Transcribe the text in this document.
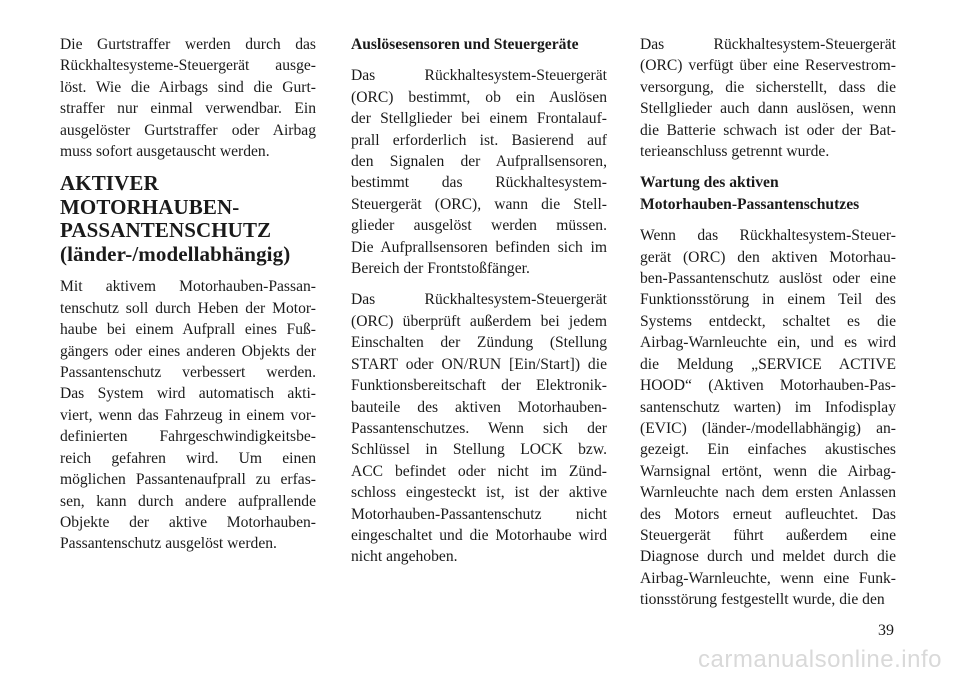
Die Gurtstraffer werden durch das
Rückhaltesysteme-Steuergerät ausge-
löst. Wie die Airbags sind die Gurt-
straffer nur einmal verwendbar. Ein
ausgelöster Gurtstraffer oder Airbag
muss sofort ausgetauscht werden.
AKTIVER
MOTORHAUBEN-
PASSANTENSCHUTZ
(länder-/modellabhängig)
Mit aktivem Motorhauben-Passan-
tenschutz soll durch Heben der Motor-
haube bei einem Aufprall eines Fuß-
gängers oder eines anderen Objekts der
Passantenschutz verbessert werden.
Das System wird automatisch akti-
viert, wenn das Fahrzeug in einem vor-
definierten Fahrgeschwindigkeitsbe-
reich gefahren wird. Um einen
möglichen Passantenaufprall zu erfas-
sen, kann durch andere aufprallende
Objekte der aktive Motorhauben-
Passantenschutz ausgelöst werden.
Auslösesensoren und Steuergeräte
Das Rückhaltesystem-Steuergerät
(ORC) bestimmt, ob ein Auslösen
der Stellglieder bei einem Frontalauf-
prall erforderlich ist. Basierend auf
den Signalen der Aufprallsensoren,
bestimmt das Rückhaltesystem-
Steuergerät (ORC), wann die Stell-
glieder ausgelöst werden müssen.
Die Aufprallsensoren befinden sich im
Bereich der Frontstoßfänger.
Das Rückhaltesystem-Steuergerät
(ORC) überprüft außerdem bei jedem
Einschalten der Zündung (Stellung
START oder ON/RUN [Ein/Start]) die
Funktionsbereitschaft der Elektronik-
bauteile des aktiven Motorhauben-
Passantenschutzes. Wenn sich der
Schlüssel in Stellung LOCK bzw.
ACC befindet oder nicht im Zünd-
schloss eingesteckt ist, ist der aktive
Motorhauben-Passantenschutz nicht
eingeschaltet und die Motorhaube wird
nicht angehoben.
Das Rückhaltesystem-Steuergerät
(ORC) verfügt über eine Reservestrom-
versorgung, die sicherstellt, dass die
Stellglieder auch dann auslösen, wenn
die Batterie schwach ist oder der Bat-
terieanschluss getrennt wurde.
Wartung des aktiven
Motorhauben-Passantenschutzes
Wenn das Rückhaltesystem-Steuer-
gerät (ORC) den aktiven Motorhau-
ben-Passantenschutz auslöst oder eine
Funktionsstörung in einem Teil des
Systems entdeckt, schaltet es die
Airbag-Warnleuchte ein, und es wird
die Meldung „SERVICE ACTIVE
HOOD“ (Aktiven Motorhauben-Pas-
santenschutz warten) im Infodisplay
(EVIC) (länder-/modellabhängig) an-
gezeigt. Ein einfaches akustisches
Warnsignal ertönt, wenn die Airbag-
Warnleuchte nach dem ersten Anlassen
des Motors erneut aufleuchtet. Das
Steuergerät führt außerdem eine
Diagnose durch und meldet durch die
Airbag-Warnleuchte, wenn eine Funk-
tionsstörung festgestellt wurde, die den
39
carmanualsonline.info
